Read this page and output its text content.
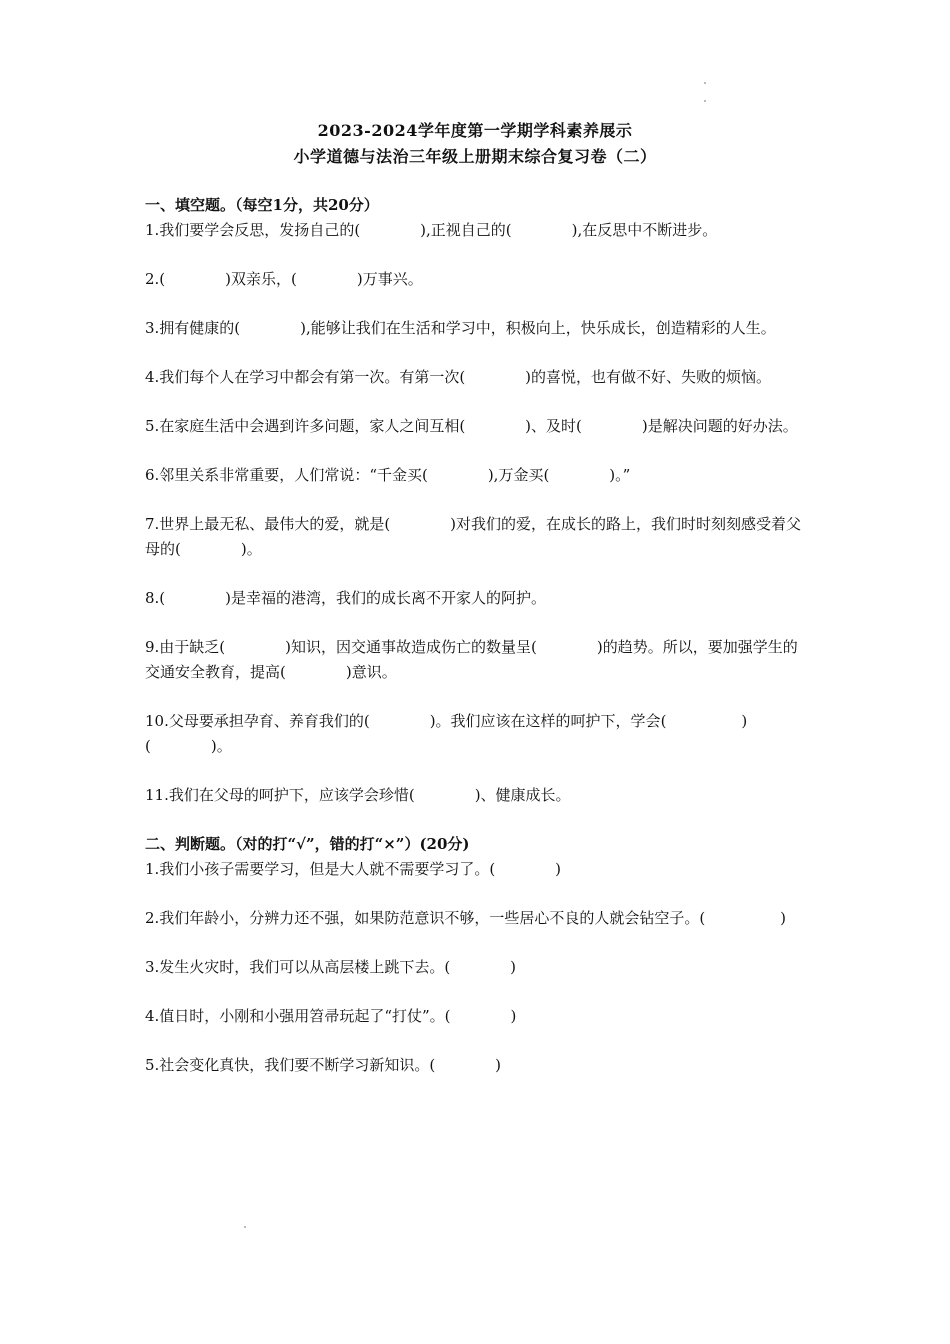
2023-2024学年度第一学期学科素养展示
小学道德与法治三年级上册期末综合复习卷（二）

一、填空题。（每空1分，共20分）

1.我们要学会反思，发扬自己的(　　　　),正视自己的(　　　　),在反思中不断进步。

2.(　　　　)双亲乐，(　　　　)万事兴。

3.拥有健康的(　　　　),能够让我们在生活和学习中，积极向上，快乐成长，创造精彩的人生。

4.我们每个人在学习中都会有第一次。有第一次(　　　　)的喜悦，也有做不好、失败的烦恼。

5.在家庭生活中会遇到许多问题，家人之间互相(　　　　)、及时(　　　　)是解决问题的好办法。

6.邻里关系非常重要，人们常说：“千金买(　　　　),万金买(　　　　)。”

7.世界上最无私、最伟大的爱，就是(　　　　)对我们的爱，在成长的路上，我们时时刻刻感受着父母的(　　　　)。

8.(　　　　)是幸福的港湾，我们的成长离不开家人的阿护。

9.由于缺乏(　　　　)知识，因交通事故造成伤亡的数量呈(　　　　)的趋势。所以，要加强学生的交通安全教育，提高(　　　　)意识。

10.父母要承担孕育、养育我们的(　　　　)。我们应该在这样的呵护下，学会(　　　　　)(　　　　)。

11.我们在父母的呵护下，应该学会珍惜(　　　　)、健康成长。

二、判断题。（对的打“√”，错的打“×”）(20分)

1.我们小孩子需要学习，但是大人就不需要学习了。(　　　　)

2.我们年龄小，分辨力还不强，如果防范意识不够，一些居心不良的人就会钻空子。(　　　　　)

3.发生火灾时，我们可以从高层楼上跳下去。(　　　　)

4.值日时，小刚和小强用笤帚玩起了“打仗”。(　　　　)

5.社会变化真快，我们要不断学习新知识。(　　　　)
